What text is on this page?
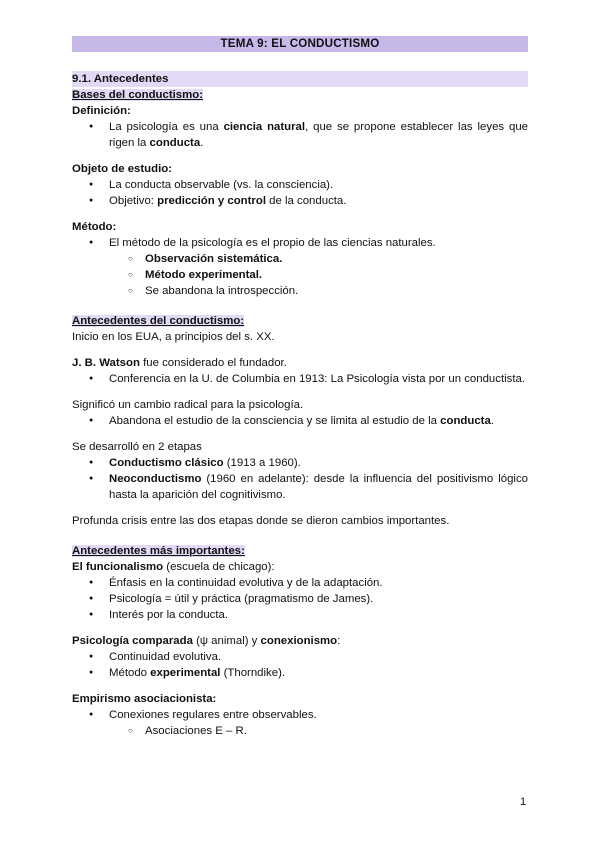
TEMA 9: EL CONDUCTISMO
9.1. Antecedentes
Bases del conductismo:
Definición:
● La psicología es una ciencia natural, que se propone establecer las leyes que rigen la conducta.
Objeto de estudio:
● La conducta observable (vs. la consciencia).
● Objetivo: predicción y control de la conducta.
Método:
● El método de la psicología es el propio de las ciencias naturales.
○ Observación sistemática.
○ Método experimental.
○ Se abandona la introspección.
Antecedentes del conductismo:
Inicio en los EUA, a principios del s. XX.
J. B. Watson fue considerado el fundador.
● Conferencia en la U. de Columbia en 1913: La Psicología vista por un conductista.
Significó un cambio radical para la psicología.
● Abandona el estudio de la consciencia y se limita al estudio de la conducta.
Se desarrolló en 2 etapas
● Conductismo clásico (1913 a 1960).
● Neoconductismo (1960 en adelante): desde la influencia del positivismo lógico hasta la aparición del cognitivismo.
Profunda crisis entre las dos etapas donde se dieron cambios importantes.
Antecedentes más importantes:
El funcionalismo (escuela de chicago):
● Énfasis en la continuidad evolutiva y de la adaptación.
● Psicología = útil y práctica (pragmatismo de James).
● Interés por la conducta.
Psicología comparada (ψ animal) y conexionismo:
● Continuidad evolutiva.
● Método experimental (Thorndike).
Empirismo asociacionista:
● Conexiones regulares entre observables.
○ Asociaciones E – R.
1
